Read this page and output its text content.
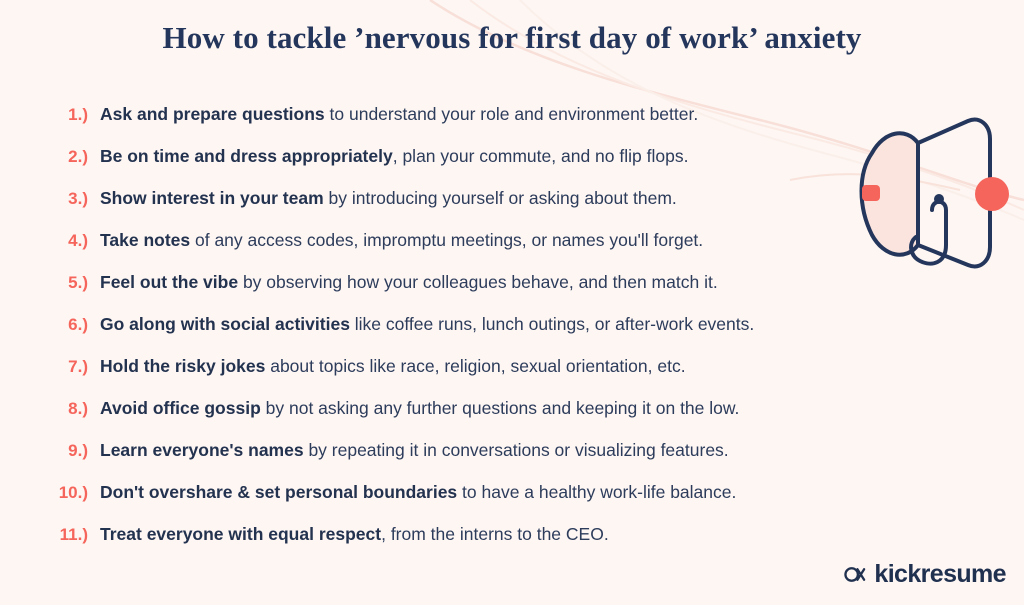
How to tackle ’nervous for first day of work’ anxiety
1.) Ask and prepare questions to understand your role and environment better.
2.) Be on time and dress appropriately, plan your commute, and no flip flops.
3.) Show interest in your team by introducing yourself or asking about them.
4.) Take notes of any access codes, impromptu meetings, or names you'll forget.
5.) Feel out the vibe by observing how your colleagues behave, and then match it.
6.) Go along with social activities like coffee runs, lunch outings, or after-work events.
7.) Hold the risky jokes about topics like race, religion, sexual orientation, etc.
8.) Avoid office gossip by not asking any further questions and keeping it on the low.
9.) Learn everyone's names by repeating it in conversations or visualizing features.
10.) Don't overshare & set personal boundaries to have a healthy work-life balance.
11.) Treat everyone with equal respect, from the interns to the CEO.
kickresume
